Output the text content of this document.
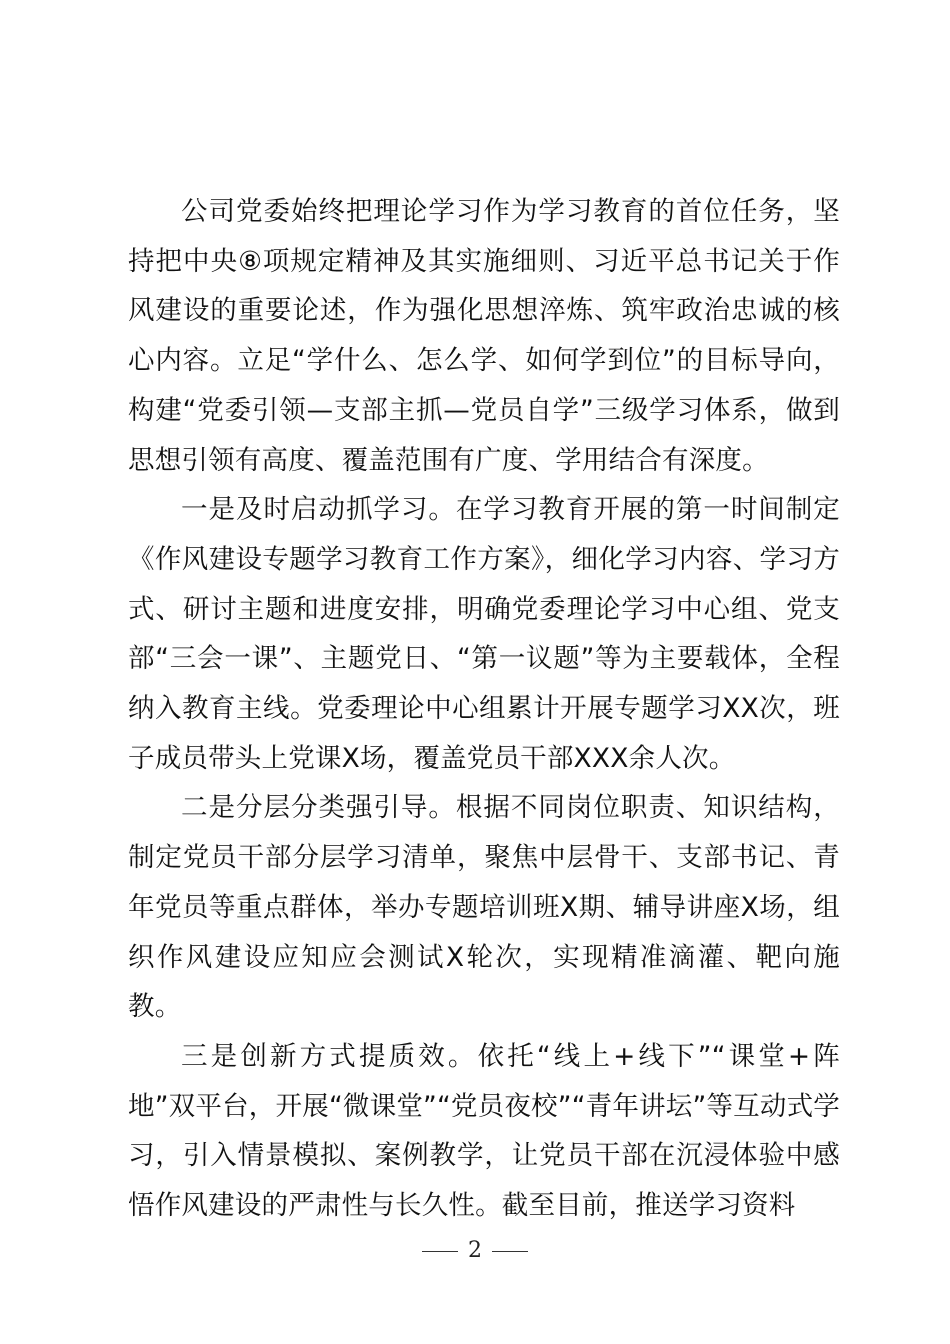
公司党委始终把理论学习作为学习教育的首位任务，坚持把中央⑧项规定精神及其实施细则、习近平总书记关于作风建设的重要论述，作为强化思想淬炼、筑牢政治忠诚的核心内容。立足“学什么、怎么学、如何学到位”的目标导向，构建“党委引领—支部主抓—党员自学”三级学习体系，做到思想引领有高度、覆盖范围有广度、学用结合有深度。

一是及时启动抓学习。在学习教育开展的第一时间制定《作风建设专题学习教育工作方案》，细化学习内容、学习方式、研讨主题和进度安排，明确党委理论学习中心组、党支部“三会一课”、主题党日、“第一议题”等为主要载体，全程纳入教育主线。党委理论中心组累计开展专题学习XX次，班子成员带头上党课X场，覆盖党员干部XXX余人次。

二是分层分类强引导。根据不同岗位职责、知识结构，制定党员干部分层学习清单，聚焦中层骨干、支部书记、青年党员等重点群体，举办专题培训班X期、辅导讲座X场，组织作风建设应知应会测试X轮次，实现精准滴灌、靶向施教。

三是创新方式提质效。依托“线上+线下”“课堂+阵地”双平台，开展“微课堂”“党员夜校”“青年讲坛”等互动式学习，引入情景模拟、案例教学，让党员干部在沉浸体验中感悟作风建设的严肃性与长久性。截至目前，推送学习资料

2
